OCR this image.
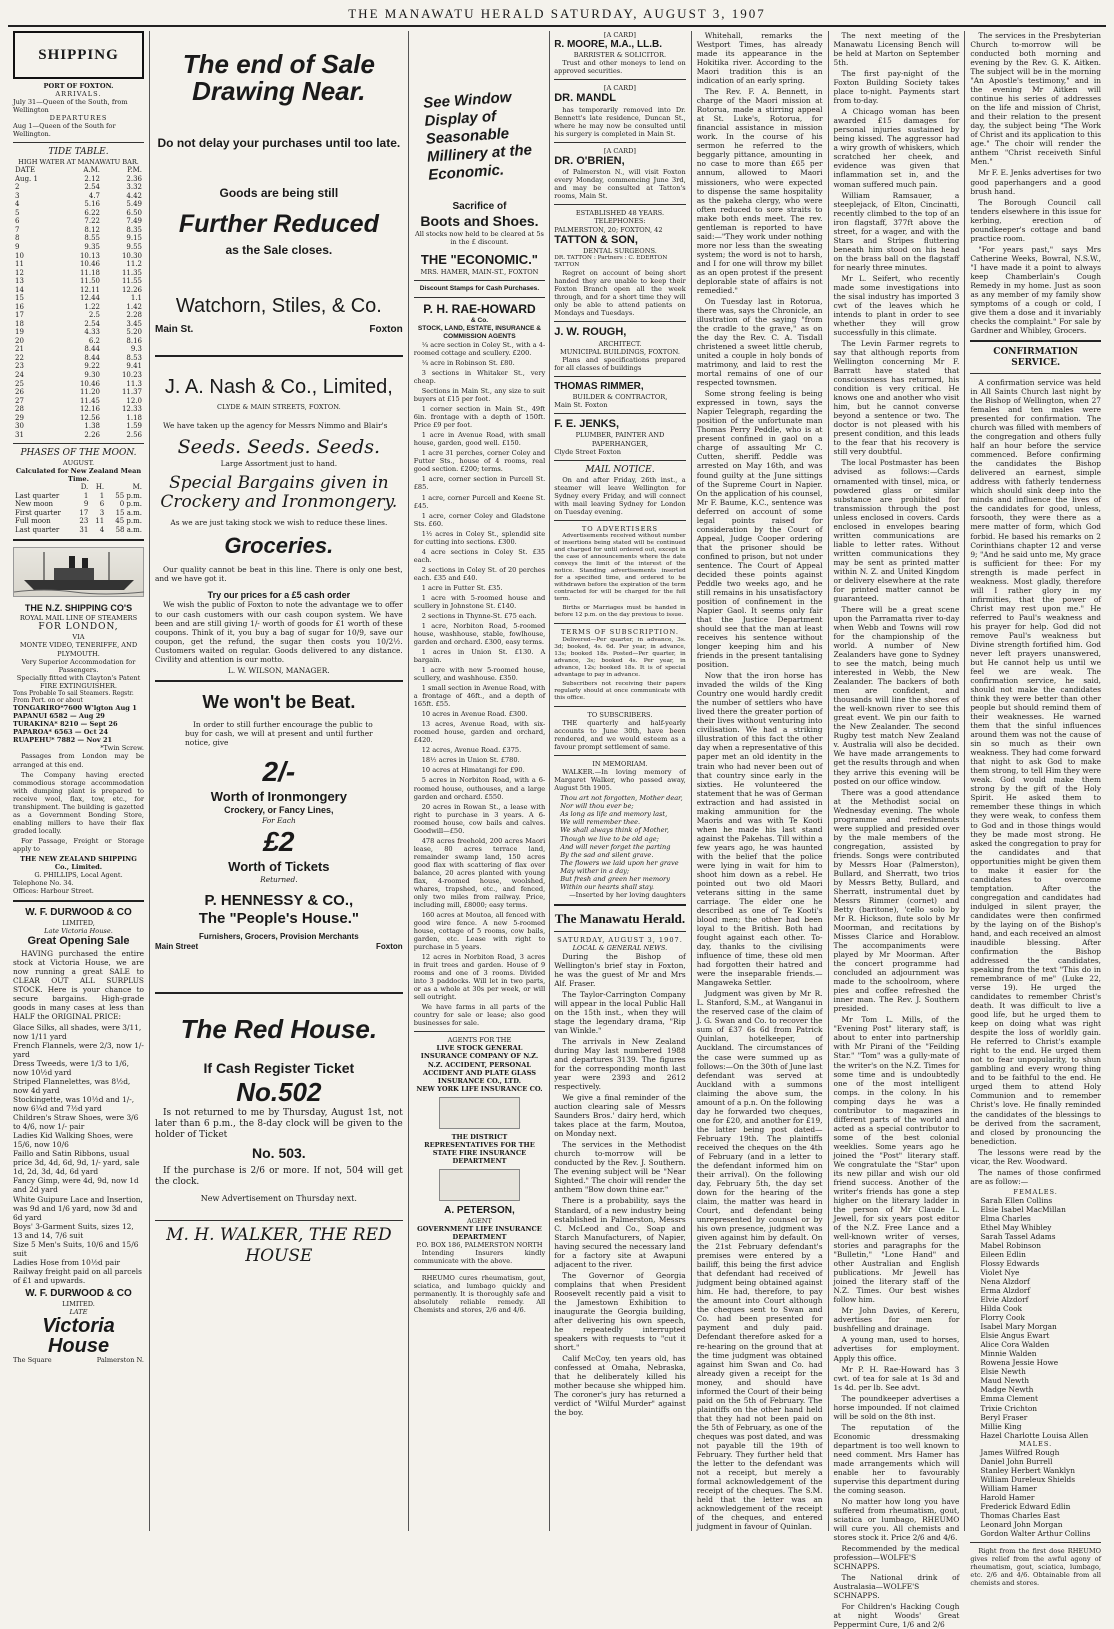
THE MANAWATU HERALD SATURDAY, AUGUST 3, 1907
SHIPPING
PORT OF FOXTON.
ARRIVALS.
July 31—Queen of the South, from Wellington
DEPARTURES
Aug 1—Queen of the South for Wellington.
TIDE TABLE.
HIGH WATER AT MANAWATU BAR.
DATE	A.M.	P.M.
Aug. 1	2.12	2.36
2	2.54	3.32
3	4.7	4.42
4	5.16	5.49
5	6.22	6.50
6	7.22	7.49
7	8.12	8.35
8	8.55	9.15
9	9.35	9.55
10	10.13	10.30
11	10.46	11.2
12	11.18	11.35
13	11.50	11.55
14	12.11	12.26
15	12.44	1.1
16	1.22	1.42
17	2.5	2.28
18	2.54	3.45
19	4.33	5.20
20	6.2	8.16
21	8.44	9.3
22	8.44	8.53
23	9.22	9.41
24	9.30	10.23
25	10.46	11.3
26	11.20	11.37
27	11.45	12.0
28	12.16	12.33
29	12.56	1.18
30	1.38	1.59
31	2.26	2.56
PHASES OF THE MOON.
AUGUST.
Calculated for New Zealand Mean Time.
	D.	H.	M.
Last quarter	1	1	55 p.m.
New moon	9	6	0 p.m.
First quarter	17	3	15 a.m.
Full moon	23	11	45 p.m.
Last quarter	31	4	58 a.m.
THE N.Z. SHIPPING CO'S
ROYAL MAIL LINE OF STEAMERS
FOR LONDON,
VIA
MONTE VIDEO, TENERIFFE, AND PLYMOUTH.
Very Superior Accommodation for Passengers.
Specially fitted with Clayton's Patent FIRE EXTINGUISHER.
Tons Probable To sail Steamers. Regstr. From Port. on or about
TONGARIRO*7600 W'lgton Aug 1
PAPANUI 6582 — Aug 29
TURAKINA* 8210 — Sept 26
PAPAROA* 6563 — Oct 24
RUAPEHU* 7882 — Nov 21
*Twin Screw.
Passages from London may be arranged at this end.
The Company having erected commodious storage accommodation with dumping plant is prepared to receive wool, flax, tow, etc., for transhipment. The building is gazetted as a Government Bonding Store, enabling millers to have their flax graded locally.
For Passage, Freight or Storage apply to
THE NEW ZEALAND SHIPPING Co., Limited.
G. PHILLIPS, Local Agent.
Telephone No. 34.
Offices: Harbour Street.
W. F. DURWOOD & CO
LIMITED,
Late Victoria House.
Great Opening Sale
HAVING purchased the entire stock at Victoria House, we are now running a great SALE to CLEAR OUT ALL SURPLUS STOCK. Here is your chance to secure bargains. High-grade goods in many cases at less than HALF the ORIGINAL PRICE:
Glace Silks, all shades, were 3/11, now 1/11 yard
French Flannels, were 2/3, now 1/- yard
Dress Tweeds, were 1/3 to 1/6, now 10½d yard
Striped Flannelettes, was 8½d, now 4d yard
Stockingette, was 10½d and 1/-, now 6¼d and 7½d yard
Children's Straw Shoes, were 3/6 to 4/6, now 1/- pair
Ladies Kid Walking Shoes, were 15/6, now 10/6
Faillo and Satin Ribbons, usual price 3d, 4d, 6d, 9d, 1/- yard, sale 1d, 2d, 3d, 4d, 6d yard
Fancy Gimp, were 4d, 9d, now 1d and 2d yard
White Guipure Lace and Insertion, was 9d and 1/6 yard, now 3d and 6d yard
Boys' 3-Garment Suits, sizes 12, 13 and 14, 7/6 suit
Size 5 Men's Suits, 10/6 and 15/6 suit
Ladies Hose from 10½d pair
Railway freight paid on all parcels of £1 and upwards.
W. F. DURWOOD & CO
LIMITED.
LATE
Victoria
House
The Square	Palmerston N.
The end of Sale Drawing Near.
Do not delay your purchases until too late.
Goods are being still
Further Reduced
as the Sale closes.
Watchorn, Stiles, & Co.
Main St.	Foxton
J. A. Nash & Co., Limited,
CLYDE & MAIN STREETS, FOXTON.
We have taken up the agency for Messrs Nimmo and Blair's
Seeds. Seeds. Seeds.
Large Assortment just to hand.
Special Bargains given in Crockery and Ironmongery.
As we are just taking stock we wish to reduce these lines.
Groceries.
Our quality cannot be beat in this line. There is only one best, and we have got it.
Try our prices for a £5 cash order
We wish the public of Foxton to note the advantage we to offer to our cash customers with our cash coupon system. We have been and are still giving 1/- worth of goods for £1 worth of these coupons. Think of it, you buy a bag of sugar for 10/9, save our coupon, get the refund, the sugar then costs you 10/2½. Customers waited on regular. Goods delivered to any distance. Civility and attention is our motto.
L. W. WILSON, MANAGER.
We won't be Beat.
In order to still further encourage the public to buy for cash, we will at present and until further notice, give
2/-
Worth of Ironmongery
Crockery, or Fancy Lines,
For Each
£2
Worth of Tickets
Returned.
P. HENNESSY & CO.,
The "People's House."
Furnishers, Grocers, Provision Merchants
Main Street	Foxton
The Red House.
If Cash Register Ticket
No.502
Is not returned to me by Thursday, August 1st, not later than 6 p.m., the 8-day clock will be given to the holder of Ticket
No. 503.
If the purchase is 2/6 or more. If not, 504 will get the clock.
New Advertisement on Thursday next.
M. H. WALKER, THE RED HOUSE
See Window Display of Seasonable Millinery at the Economic.
Sacrifice of
Boots and Shoes.
All stocks now held to be cleared at 5s in the £ discount.
THE "ECONOMIC."
MRS. HAMER, MAIN-ST., FOXTON
Discount Stamps for Cash Purchases.
P. H. RAE-HOWARD
& Co.
STOCK, LAND, ESTATE, INSURANCE & COMMISSION AGENTS
¼ acre section in Coley St., with a 4-roomed cottage and scullery. £200.
¼ acre in Robinson St. £80.
3 sections in Whitaker St., very cheap.
Sections in Main St., any size to suit buyers at £15 per foot.
1 corner section in Main St., 49ft 6in. frontage with a depth of 150ft. Price £9 per foot.
1 acre in Avenue Road, with small house, garden, good well. £150.
1 acre 31 perches, corner Coley and Futter Sts., house of 4 rooms, real good section. £200; terms.
1 acre, corner section in Purcell St. £85.
1 acre, corner Purcell and Keene St. £45.
1 acre, corner Coley and Gladstone Sts. £60.
1½ acres in Coley St., splendid site for cutting into sections. £300.
4 acre sections in Coley St. £35 each.
2 sections in Coley St. of 20 perches each. £35 and £40.
1 acre in Futter St. £35.
1 acre with 5-roomed house and scullery in Johnstone St. £140.
2 sections in Thynne-St. £75 each.
1 acre, Norbiton Road, 5-roomed house, washhouse, stable, fowlhouse, garden and orchard. £300, easy terms.
1 acres in Union St. £130. A bargain.
1 acre with new 5-roomed house, scullery, and washhouse. £350.
1 small section in Avenue Road, with a frontage of 46ft., and a depth of 165ft. £55.
10 acres in Avenue Road. £300.
13 acres, Avenue Road, with six-roomed house, garden and orchard, £420.
12 acres, Avenue Road. £375.
18½ acres in Union St. £780.
10 acres at Himatangi for £90.
5 acres in Norbiton Road, with a 6-roomed house, outhouses, and a large garden and orchard. £550.
20 acres in Rowan St., a lease with right to purchase in 3 years. A 6-roomed house, cow bails and calves. Goodwill—£50.
478 acres freehold, 200 acres Maori lease, 80 acres terrace land, remainder swamp land, 150 acres good flax with scattering of flax over balance, 20 acres planted with young flax, 4-roomed house, woolshed, whares, trapshed, etc., and fenced, only two miles from railway. Price, including mill, £8000; easy terms.
160 acres at Moutoa, all fenced with good wire fence. A new 5-roomed house, cottage of 5 rooms, cow bails, garden, etc. Lease with right to purchase in 5 years.
12 acres in Norbiton Road, 3 acres in fruit trees and garden. House of 9 rooms and one of 3 rooms. Divided into 3 paddocks. Will let in two parts, or as a whole at 30s per week, or will sell outright.
We have farms in all parts of the country for sale or lease; also good businesses for sale.
AGENTS FOR THE
LIVE STOCK GENERAL INSURANCE COMPANY OF N.Z.
N.Z. ACCIDENT, PERSONAL ACCIDENT AND PLATE GLASS INSURANCE CO., LTD.
NEW YORK LIFE INSURANCE CO.
THE DISTRICT REPRESENTATIVES FOR THE STATE FIRE INSURANCE DEPARTMENT
A. PETERSON,
AGENT
GOVERNMENT LIFE INSURANCE DEPARTMENT
P.O. BOX 186, PALMERSTON NORTH
Intending Insurers kindly communicate with the above.
RHEUMO cures rheumatism, gout, sciatica, and lumbago quickly and permanently. It is thoroughly safe and absolutely reliable remedy. All Chemists and stores, 2/6 and 4/6.
[A CARD]
R. MOORE, M.A., LL.B.
BARRISTER & SOLICITOR.
Trust and other moneys to lend on approved securities.
[A CARD]
DR. MANDL
has temporarily removed into Dr. Bennett's late residence, Duncan St., where he may now be consulted until his surgery is completed in Main St.
[A CARD]
DR. O'BRIEN,
of Palmerston N., will visit Foxton every Monday, commencing June 3rd, and may be consulted at Tatton's rooms, Main St.
ESTABLISHED 48 YEARS.
TELEPHONES:
PALMERSTON, 20; FOXTON, 42
TATTON & SON,
DENTAL SURGEONS.
DR. TATTON : Partners : C. EDERTON TATTON
Regret on account of being short handed they are unable to keep their Foxton Branch open all the week through, and for a short time they will only be able to attend patients on Mondays and Tuesdays.
J. W. ROUGH,
ARCHITECT.
MUNICIPAL BUILDINGS, FOXTON.
Plans and specifications prepared for all classes of buildings
THOMAS RIMMER,
BUILDER & CONTRACTOR,
Main St. Foxton
F. E. JENKS,
PLUMBER, PAINTER AND PAPERHANGER,
Clyde Street Foxton
MAIL NOTICE.
On and after Friday, 26th inst., a steamer will leave Wellington for Sydney every Friday, and will connect with mail leaving Sydney for London on Tuesday evening.
TO ADVERTISERS
Advertisements received without number of insertions being stated will be continued and charged for until ordered out, except in the case of announcements where the date conveys the limit of the interest of the notice. Standing advertisements inserted for a specified time, and ordered to be withdrawn before the expiration of the term contracted for will be charged for the full term.
Births or Marriages must be handed in before 12 p.m. on the day previous to issue.
TERMS OF SUBSCRIPTION.
Delivered—Per quarter, in advance, 3s. 3d; booked, 4s. 6d. Per year, in advance, 13s; booked 18s. Posted—Per quarter, in advance, 3s; booked 4s. Per year, in advance, 12s; booked 18s. It is of special advantage to pay in advance.
Subscribers not receiving their papers regularly should at once communicate with this office.
TO SUBSCRIBERS.
THE quarterly and half-yearly accounts to June 30th, have been rendered, and we would esteem as a favour prompt settlement of same.
IN MEMORIAM.
WALKER.—In loving memory of Margaret Walker, who passed away, August 5th 1905.
Thou art not forgotten, Mother dear,
Nor will thou ever be;
As long as life and memory last,
We will remember thee.
We shall always think of Mother,
Though we live to be old age;
And will never forget the parting
By the sad and silent grave.
The flowers we laid upon her grave
May wither in a day;
But fresh and green her memory
Within our hearts shall stay.
—Inserted by her loving daughters
The Manawatu Herald.
SATURDAY, AUGUST 3, 1907.
LOCAL & GENERAL NEWS.
During the Bishop of Wellington's brief stay in Foxton, he was the guest of Mr and Mrs Alf. Fraser.
The Taylor-Carrington Company will appear in the local Public Hall on the 15th inst., when they will stage the legendary drama, "Rip van Winkle."
The arrivals in New Zealand during May last numbered 1988 and departures 3139. The figures for the corresponding month last year were 2393 and 2612 respectively.
We give a final reminder of the auction clearing sale of Messrs Saunders Bros.' dairy herd, which takes place at the farm, Moutoa, on Monday next.
The services in the Methodist church to-morrow will be conducted by the Rev. J. Southern. The evening subject will be "Near Sighted." The choir will render the anthem "Bow down thine ear."
There is a probability, says the Standard, of a new industry being established in Palmerston, Messrs C. McLeod and Co., Soap and Starch Manufacturers, of Napier, having secured the necessary land for a factory site at Awapuni adjacent to the river.
The Governor of Georgia complains that when President Roosevelt recently paid a visit to the Jamestown Exhibition to inaugurate the Georgia building, after delivering his own speech, he repeatedly interrupted speakers with requests to "cut it short."
Calif McCoy, ten years old, has confessed at Omaha, Nebraska, that he deliberately killed his mother because she whipped him. The coroner's jury has returned a verdict of "Wilful Murder" against the boy.
Whitehall, remarks the Westport Times, has already made its appearance in the Hokitika river. According to the Maori tradition this is an indication of an early spring.
The Rev. F. A. Bennett, in charge of the Maori mission at Rotorua, made a stirring appeal at St. Luke's, Rotorua, for financial assistance in mission work. In the course of his sermon he referred to the beggarly pittance, amounting in no case to more than £65 per annum, allowed to Maori missioners, who were expected to dispense the same hospitality as the pakeha clergy, who were often reduced to sore straits to make both ends meet. The rev. gentleman is reported to have said:—"They work under nothing more nor less than the sweating system; the word is not to harsh, and I for one will throw my billet as an open protest if the present deplorable state of affairs is not remedied."
On Tuesday last in Rotorua, there was, says the Chronicle, an illustration of the saying "from the cradle to the grave," as on the day the Rev. C. A. Tisdall christened a sweet little cherub, united a couple in holy bonds of matrimony, and laid to rest the mortal remains of one of our respected townsmen.
Some strong feeling is being expressed in town, says the Napier Telegraph, regarding the position of the unfortunate man Thomas Perry Peddle, who is at present confined in gaol on a charge of assaulting Mr C. Cutten, sheriff. Peddle was arrested on May 16th, and was found guilty at the June sittings of the Supreme Court in Napier. On the application of his counsel, Mr F. Baume, K.C., sentence was deferred on account of some legal points raised for consideration by the Court of Appeal, Judge Cooper ordering that the prisoner should be confined to prison, but not under sentence. The Court of Appeal decided these points against Peddle two weeks ago, and he still remains in his unsatisfactory position of confinement in the Napier Gaol. It seems only fair that the Justice Department should see that the man at least receives his sentence without longer keeping him and his friends in the present tantalising position.
Now that the iron horse has invaded the wilds of the King Country one would hardly credit the number of settlers who have lived there the greater portion of their lives without venturing into civilisation. We had a striking illustration of this fact the other day when a representative of this paper met an old identity in the train who had never been out of that country since early in the sixties. He volunteered the statement that he was of German extraction and had assisted in making ammunition for the Maoris and was with Te Kooti when he made his last stand against the Pakehas. Till within a few years ago, he was haunted with the belief that the police were lying in wait for him to shoot him down as a rebel. He pointed out two old Maori veterans sitting in the same carriage. The elder one he described as one of Te Kooti's blood men; the other had been loyal to the British. Both had fought against each other. To-day, thanks to the civilising influence of time, these old men had forgotten their hatred and were the inseparable friends.—Mangaweka Settler.
Judgment was given by Mr R. L. Stanford, S.M., at Wanganui in the reserved case of the claim of J. G. Swan and Co. to recover the sum of £37 6s 6d from Patrick Quinlan, hotelkeeper, of Auckland. The circumstances of the case were summed up as follows:—On the 30th of June last defendant was served at Auckland with a summons claiming the above sum, the amount of a p.n. On the following day he forwarded two cheques, one for £20, and another for £19, the latter being post dated—February 19th. The plaintiffs received the cheques on the 4th of February (and in a letter to the defendant informed him on their arrival). On the following day, February 5th, the day set down for the hearing of the claim, the matter was heard in Court, and defendant being unrepresented by counsel or by his own presence, judgment was given against him by default. On the 21st February defendant's premises were entered by a bailiff, this being the first advice that defendant had received of judgment being obtained against him. He had, therefore, to pay the amount into Court although the cheques sent to Swan and Co. had been presented for payment and duly paid. Defendant therefore asked for a re-hearing on the ground that at the time judgment was obtained against him Swan and Co. had already given a receipt for the money, and should have informed the Court of their being paid on the 5th of February. The plaintiffs on the other hand held that they had not been paid on the 5th of February, as one of the cheques was post dated, and was not payable till the 19th of February. They further held that the letter to the defendant was not a receipt, but merely a formal acknowledgement of the receipt of the cheques. The S.M. held that the letter was an acknowledgement of the receipt of the cheques, and entered judgment in favour of Quinlan.
The next meeting of the Manawatu Licensing Bench will be held at Marton on September 5th.
The first pay-night of the Foxton Building Society takes place to-night. Payments start from to-day.
A Chicago woman has been awarded £15 damages for personal injuries sustained by being kissed. The aggressor had a wiry growth of whiskers, which scratched her cheek, and evidence was given that inflammation set in, and the woman suffered much pain.
William Ramsauer, a steeplejack, of Elton, Cincinatti, recently climbed to the top of an iron flagstaff, 377ft above the street, for a wager, and with the Stars and Stripes fluttering beneath him stood on his head on the brass ball on the flagstaff for nearly three minutes.
Mr L. Seifert, who recently made some investigations into the sisal industry has imported 3 cwt of the leaves which he intends to plant in order to see whether they will grow successfully in this climate.
The Levin Farmer regrets to say that although reports from Wellington concerning Mr F. Barratt have stated that consciousness has returned, his condition is very critical. He knows one and another who visit him, but he cannot converse beyond a sentence or two. The doctor is not pleased with his present condition, and this leads to the fear that his recovery is still very doubtful.
The local Postmaster has been advised as follows:—Cards ornamented with tinsel, mica, or powdered glass or similar substance are prohibited for transmission through the post unless enclosed in covers. Cards enclosed in envelopes bearing written communications are liable to letter rates. Without written communications they may be sent as printed matter within N. Z. and United Kingdom or delivery elsewhere at the rate for printed matter cannot be guaranteed.
There will be a great scene upon the Parramatta river to-day when Webb and Towns will row for the championship of the world. A number of New Zealanders have gone to Sydney to see the match, being much interested in Webb, the New Zealander. The backers of both men are confident, and thousands will line the shores of the well-known river to see this great event. We pin our faith to the New Zealander. The second Rugby test match New Zealand v. Australia will also be decided. We have made arrangements to get the results through and when they arrive this evening will be posted on our office window.
There was a good attendance at the Methodist social on Wednesday evening. The whole programme and refreshments were supplied and presided over by the male members of the congregation, assisted by friends. Songs were contributed by Messrs Hoar (Palmerston), Bullard, and Sherratt, two trios by Messrs Betty, Bullard, and Sherratt, instrumental duet by Messrs Rimmer (cornet) and Betty (baritone), 'cello solo by Mr R. Hickson, flute solo by Mr Moorman, and recitations by Misses Clarice and Horablow. The accompaniments were played by Mr Moorman. After the concert programme had concluded an adjournment was made to the schoolroom, where pies and coffee refreshed the inner man. The Rev. J. Southern presided.
Mr Tom L. Mills, of the "Evening Post" literary staff, is about to enter into partnership with Mr Pirani of the "Feilding Star." "Tom" was a gully-mate of the writer's on the N.Z. Times for some time and is undoubtedly one of the most intelligent comps. in the colony. In his comping days he was a contributor to magazines in different parts of the world and acted as a special contributor to some of the best colonial weeklies. Some years ago he joined the "Post" literary staff. We congratulate the "Star" upon its new pillar and wish our old friend success. Another of the writer's friends has gone a step higher on the literary ladder in the person of Mr Claude L. Jewell, for six years post editor of the N.Z. Free Lance and a well-known writer of verses, stories and paragraphs for the "Bulletin," "Lone Hand" and other Australian and English publications. Mr Jewell has joined the literary staff of the N.Z. Times. Our best wishes follow him.
Mr John Davies, of Kereru, advertises for men for bushfelling and drainage.
A young man, used to horses, advertises for employment. Apply this office.
Mr P. H. Rae-Howard has 3 cwt. of tea for sale at 1s 3d and 1s 4d. per lb. See advt.
The poundkeeper advertises a horse impounded. If not claimed will be sold on the 8th inst.
The reputation of the Economic dressmaking department is too well known to need comment. Mrs Hamer has made arrangements which will enable her to favourably supervise this department during the coming season.
No matter how long you have suffered from rheumatism, gout, sciatica or lumbago, RHEUMO will cure you. All chemists and stores stock it. Price 2/6 and 4/6.
Recommended by the medical profession—WOLFE'S SCHNAPPS.
The National drink of Australasia—WOLFE'S SCHNAPPS.
For Children's Hacking Cough at night Woods' Great Peppermint Cure, 1/6 and 2/6
The services in the Presbyterian Church to-morrow will be conducted both morning and evening by the Rev. G. K. Aitken. The subject will be in the morning "An Apostle's testimony," and in the evening Mr Aitken will continue his series of addresses on the life and mission of Christ, and their relation to the present day, the subject being "The Work of Christ and its application to this age." The choir will render the anthem "Christ receiveth Sinful Men."
Mr F. E. Jenks advertises for two good paperhangers and a good brush hand.
The Borough Council call tenders elsewhere in this issue for kerbing, erection of poundkeeper's cottage and band practice room.
"For years past," says Mrs Catherine Weeks, Bowral, N.S.W., "I have made it a point to always keep Chamberlain's Cough Remedy in my home. Just as soon as any member of my family show symptoms of a cough or cold, I give them a dose and it invariably checks the complaint." For sale by Gardner and Whibley, Grocers.
CONFIRMATION SERVICE.
A confirmation service was held in All Saints Church last night by the Bishop of Wellington, when 27 females and ten males were presented for confirmation. The church was filled with members of the congregation and others fully half an hour before the service commenced. Before confirming the candidates the Bishop delivered an earnest, simple address with fatherly tenderness which should sink deep into the minds and influence the lives of the candidates for good, unless, forsooth, they were there as a mere matter of form, which God forbid. He based his remarks on 2 Corinthians chapter 12 and verse 9; "And he said unto me, My grace is sufficient for thee: For my strength is made perfect in weakness. Most gladly, therefore will I rather glory in my infirmities, that the power of Christ may rest upon me." He referred to Paul's weakness and his prayer for help. God did not remove Paul's weakness but Divine strength fortified him. God never left prayers unanswered, but He cannot help us until we feel we are weak. The confirmation service, he said, should not make the candidates think they were better than other people but should remind them of their weaknesses. He warned them that the sinful influences around them was not the cause of sin so much as their own weakness. They had come forward that night to ask God to make them strong, to tell Him they were weak. God would make them strong by the gift of the Holy Spirit. He asked them to remember these things in which they were weak, to confess them to God and in those things would they be made most strong. He asked the congregation to pray for the candidates and that opportunities might be given them to make it easier for the candidates to overcome temptation. After the congregation and candidates had indulged in silent prayer, the candidates were then confirmed by the laying on of the Bishop's hand, and each received an almost inaudible blessing. After confirmation the Bishop addressed the candidates, speaking from the text "This do in remembrance of me" (Luke 22, verse 19). He urged the candidates to remember Christ's death. It was difficult to live a good life, but he urged them to keep on doing what was right despite the loss of worldly gain. He referred to Christ's example right to the end. He urged them not to fear unpopularity, to shun gambling and every wrong thing and to be faithful to the end. He urged them to attend Holy Communion and to remember Christ's love. He finally reminded the candidates of the blessings to be derived from the sacrament, and closed by pronouncing the benediction.
The lessons were read by the vicar, the Rev. Woodward.
The names of those confirmed are as follow:—
FEMALES.
Sarah Ellen Collins
Elsie Isabel MacMillan
Elma Charles
Ethel May Whibley
Sarah Tassel Adams
Mabel Robinson
Eileen Edlin
Flossy Edwards
Violet Nye
Nena Alzdorf
Erma Alzdorf
Elvie Alzdorf
Hilda Cook
Florry Cook
Isabel Mary Morgan
Elsie Angus Ewart
Alice Cora Walden
Minnie Walden
Rowena Jessie Howe
Elsie Newth
Maud Newth
Madge Newth
Emma Clement
Trixie Crichton
Beryl Fraser
Millie King
Hazel Charlotte Louisa Allen
MALES.
James Wilfred Rough
Daniel John Burrell
Stanley Herbert Wanklyn
William Dureleux Shields
William Hamer
Harold Hamer
Frederick Edward Edlin
Thomas Charles East
Leonard John Morgan
Gordon Walter Arthur Collins
Right from the first dose RHEUMO gives relief from the awful agony of rheumatism, gout, sciatica, lumbago, etc. 2/6 and 4/6. Obtainable from all chemists and stores.
